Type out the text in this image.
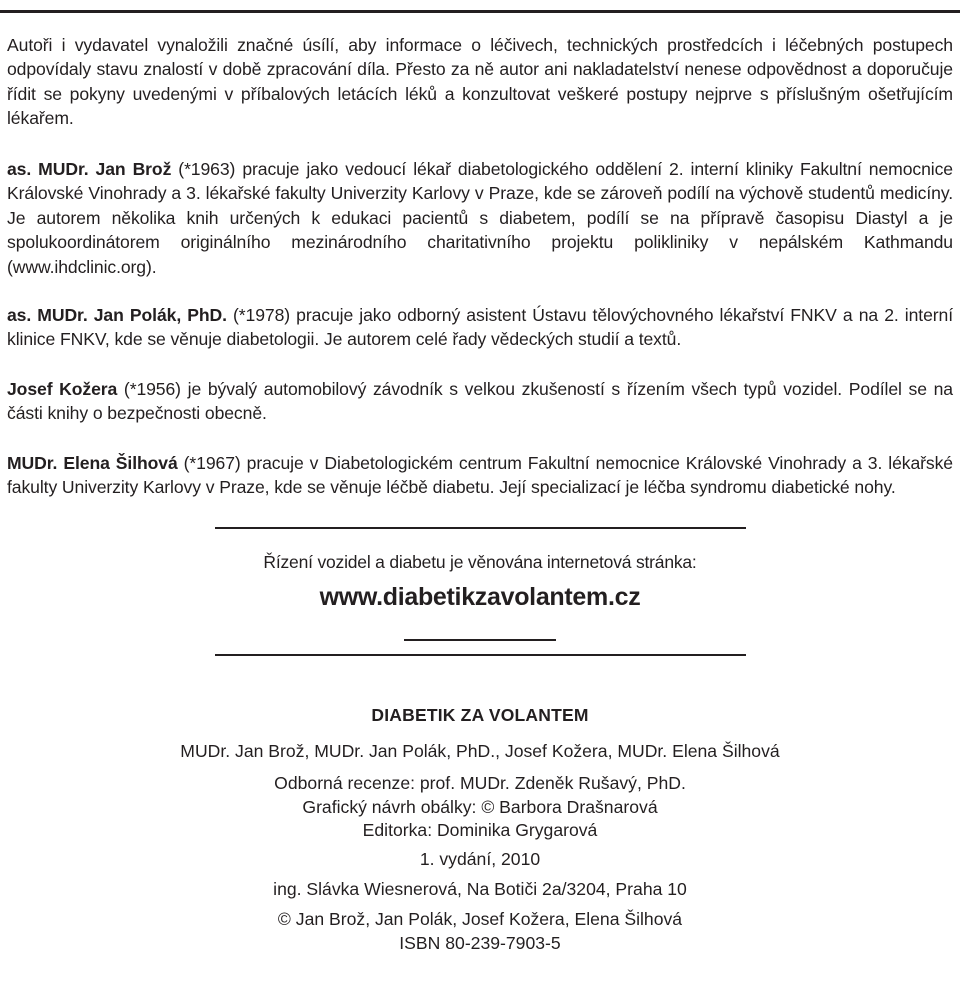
Autoři i vydavatel vynaložili značné úsílí, aby informace o léčivech, technických prostředcích i léčebných postupech odpovídaly stavu znalostí v době zpracování díla. Přesto za ně autor ani nakladatelství nenese odpovědnost a doporučuje řídit se pokyny uvedenými v příbalových letácích léků a konzultovat veškeré postupy nejprve s příslušným ošetřujícím lékařem.

as. MUDr. Jan Brož (*1963) pracuje jako vedoucí lékař diabetologického oddělení 2. interní kliniky Fakultní nemocnice Královské Vinohrady a 3. lékařské fakulty Univerzity Karlovy v Praze, kde se zároveň podílí na výchově studentů medicíny. Je autorem několika knih určených k edukaci pacientů s diabetem, podílí se na přípravě časopisu Diastyl a je spolukoordinátorem originálního mezinárodního charitativního projektu polikliniky v nepálském Kathmandu (www.ihdclinic.org).

as. MUDr. Jan Polák, PhD. (*1978) pracuje jako odborný asistent Ústavu tělovýchovného lékařství FNKV a na 2. interní klinice FNKV, kde se věnuje diabetologii. Je autorem celé řady vědeckých studií a textů.

Josef Kožera (*1956) je bývalý automobilový závodník s velkou zkušeností s řízením všech typů vozidel. Podílel se na části knihy o bezpečnosti obecně.

MUDr. Elena Šilhová (*1967) pracuje v Diabetologickém centrum Fakultní nemocnice Královské Vinohrady a 3. lékařské fakulty Univerzity Karlovy v Praze, kde se věnuje léčbě diabetu. Její specializací je léčba syndromu diabetické nohy.

Řízení vozidel a diabetu je věnována internetová stránka:
www.diabetikzavolantem.cz
DIABETIK ZA VOLANTEM
MUDr. Jan Brož, MUDr. Jan Polák, PhD., Josef Kožera, MUDr. Elena Šilhová
Odborná recenze: prof. MUDr. Zdeněk Rušavý, PhD.
Grafický návrh obálky: © Barbora Drašnarová
Editorka: Dominika Grygarová
1. vydání, 2010
ing. Slávka Wiesnerová, Na Botiči 2a/3204, Praha 10
© Jan Brož, Jan Polák, Josef Kožera, Elena Šilhová
ISBN 80-239-7903-5
